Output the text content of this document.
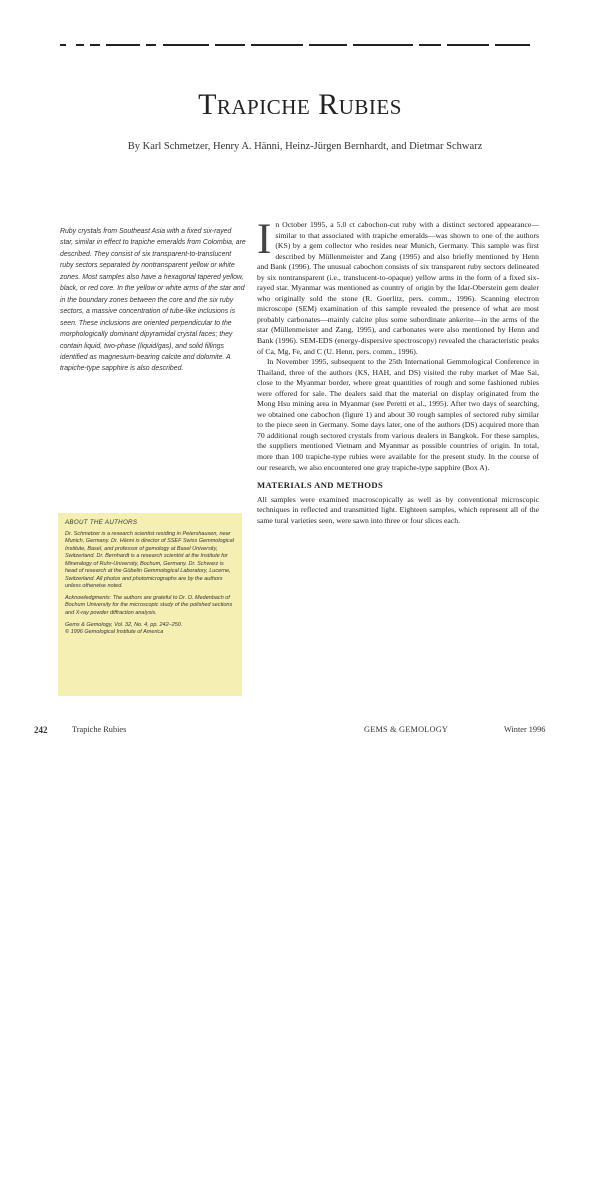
Trapiche Rubies

By Karl Schmetzer, Henry A. Hänni, Heinz-Jürgen Bernhardt, and Dietmar Schwarz

Ruby crystals from Southeast Asia with a fixed six-rayed star, similar in effect to trapiche emeralds from Colombia, are described. They consist of six transparent-to-translucent ruby sectors separated by nontransparent yellow or white zones. Most samples also have a hexagonal tapered yellow, black, or red core. In the yellow or white arms of the star and in the boundary zones between the core and the six ruby sectors, a massive concentration of tube-like inclusions is seen. These inclusions are oriented perpendicular to the morphologically dominant dipyramidal crystal faces; they contain liquid, two-phase (liquid/gas), and solid fillings identified as magnesium-bearing calcite and dolomite. A trapiche-type sapphire is also described.

ABOUT THE AUTHORS

Dr. Schmetzer is a research scientist residing in Petershausen, near Munich, Germany. Dr. Hänni is director of SSEF Swiss Gemmological Institute, Basel, and professor of gemology at Basel University, Switzerland. Dr. Bernhardt is a research scientist at the Institute for Mineralogy of Ruhr-University, Bochum, Germany. Dr. Schwarz is head of research at the Gübelin Gemmological Laboratory, Lucerne, Switzerland. All photos and photomicrographs are by the authors unless otherwise noted.

Acknowledgments: The authors are grateful to Dr. O. Medenbach of Bochum University for the microscopic study of the polished sections and X-ray powder diffraction analysis.

Gems & Gemology, Vol. 32, No. 4, pp. 242–250.
© 1996 Gemological Institute of America

In October 1995, a 5.0 ct cabochon-cut ruby with a distinct sectored appearance—similar to that associated with trapiche emeralds—was shown to one of the authors (KS) by a gem collector who resides near Munich, Germany. This sample was first described by Müllenmeister and Zang (1995) and also briefly mentioned by Henn and Bank (1996). The unusual cabochon consists of six transparent ruby sectors delineated by six nontransparent (i.e., translucent-to-opaque) yellow arms in the form of a fixed six-rayed star. Myanmar was mentioned as country of origin by the Idar-Oberstein gem dealer who originally sold the stone (R. Goerlitz, pers. comm., 1996). Scanning electron microscope (SEM) examination of this sample revealed the presence of what are most probably carbonates—mainly calcite plus some subordinate ankerite—in the arms of the star (Müllenmeister and Zang, 1995), and carbonates were also mentioned by Henn and Bank (1996). SEM-EDS (energy-dispersive spectroscopy) revealed the characteristic peaks of Ca, Mg, Fe, and C (U. Henn, pers. comm., 1996).

In November 1995, subsequent to the 25th International Gemmological Conference in Thailand, three of the authors (KS, HAH, and DS) visited the ruby market of Mae Sai, close to the Myanmar border, where great quantities of rough and some fashioned rubies were offered for sale. The dealers said that the material on display originated from the Mong Hsu mining area in Myanmar (see Peretti et al., 1995). After two days of searching, we obtained one cabochon (figure 1) and about 30 rough samples of sectored ruby similar to the piece seen in Germany. Some days later, one of the authors (DS) acquired more than 70 additional rough sectored crystals from various dealers in Bangkok. For these samples, the suppliers mentioned Vietnam and Myanmar as possible countries of origin. In total, more than 100 trapiche-type rubies were available for the present study. In the course of our research, we also encountered one gray trapiche-type sapphire (Box A).

MATERIALS AND METHODS

All samples were examined macroscopically as well as by conventional microscopic techniques in reflected and transmitted light. Eighteen samples, which represent all of the same tural varieties seen, were sawn into three or four slices each.

242	Trapiche Rubies	GEMS & GEMOLOGY	Winter 1996
